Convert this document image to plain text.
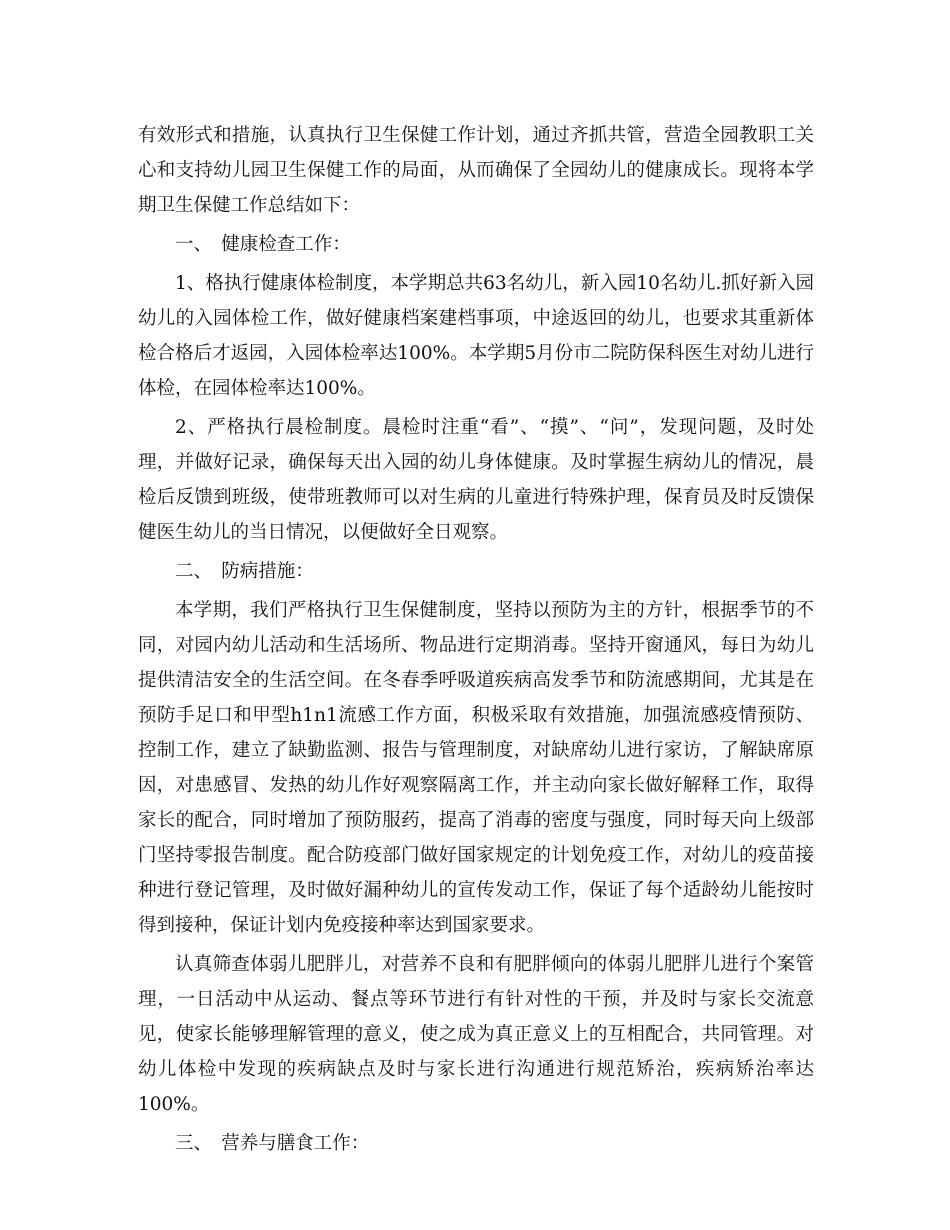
有效形式和措施，认真执行卫生保健工作计划，通过齐抓共管，营造全园教职工关心和支持幼儿园卫生保健工作的局面，从而确保了全园幼儿的健康成长。现将本学期卫生保健工作总结如下：

一、　健康检查工作：

1、格执行健康体检制度，本学期总共63名幼儿，新入园10名幼儿.抓好新入园幼儿的入园体检工作，做好健康档案建档事项，中途返回的幼儿，也要求其重新体检合格后才返园，入园体检率达100%。本学期5月份市二院防保科医生对幼儿进行体检，在园体检率达100%。

2、严格执行晨检制度。晨检时注重“看”、“摸”、“问”，发现问题，及时处理，并做好记录，确保每天出入园的幼儿身体健康。及时掌握生病幼儿的情况，晨检后反馈到班级，使带班教师可以对生病的儿童进行特殊护理，保育员及时反馈保健医生幼儿的当日情况，以便做好全日观察。

二、　防病措施：

本学期，我们严格执行卫生保健制度，坚持以预防为主的方针，根据季节的不同，对园内幼儿活动和生活场所、物品进行定期消毒。坚持开窗通风，每日为幼儿提供清洁安全的生活空间。在冬春季呼吸道疾病高发季节和防流感期间，尤其是在预防手足口和甲型h1n1流感工作方面，积极采取有效措施，加强流感疫情预防、控制工作，建立了缺勤监测、报告与管理制度，对缺席幼儿进行家访，了解缺席原因，对患感冒、发热的幼儿作好观察隔离工作，并主动向家长做好解释工作，取得家长的配合，同时增加了预防服药，提高了消毒的密度与强度，同时每天向上级部门坚持零报告制度。配合防疫部门做好国家规定的计划免疫工作，对幼儿的疫苗接种进行登记管理，及时做好漏种幼儿的宣传发动工作，保证了每个适龄幼儿能按时得到接种，保证计划内免疫接种率达到国家要求。

认真筛查体弱儿肥胖儿，对营养不良和有肥胖倾向的体弱儿肥胖儿进行个案管理，一日活动中从运动、餐点等环节进行有针对性的干预，并及时与家长交流意见，使家长能够理解管理的意义，使之成为真正意义上的互相配合，共同管理。对幼儿体检中发现的疾病缺点及时与家长进行沟通进行规范矫治，疾病矫治率达100%。

三、　营养与膳食工作：
